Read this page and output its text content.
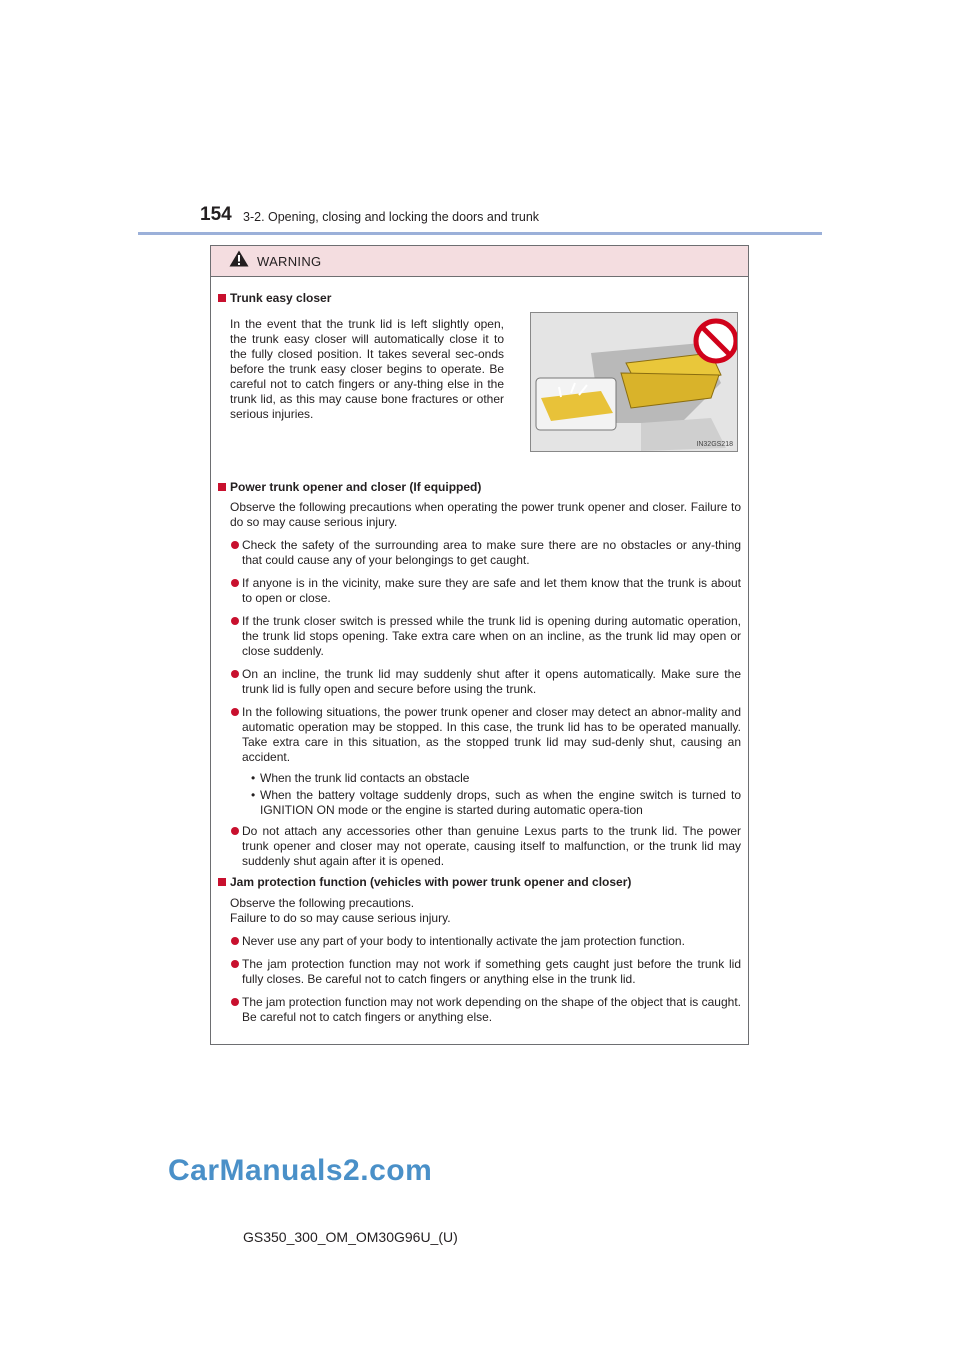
154 3-2. Opening, closing and locking the doors and trunk
WARNING
Trunk easy closer
In the event that the trunk lid is left slightly open, the trunk easy closer will automatically close it to the fully closed position. It takes several sec-onds before the trunk easy closer begins to operate. Be careful not to catch fingers or any-thing else in the trunk lid, as this may cause bone fractures or other serious injuries.
IN32GS218
Power trunk opener and closer (If equipped)
Observe the following precautions when operating the power trunk opener and closer. Failure to do so may cause serious injury.
Check the safety of the surrounding area to make sure there are no obstacles or any-thing that could cause any of your belongings to get caught.
If anyone is in the vicinity, make sure they are safe and let them know that the trunk is about to open or close.
If the trunk closer switch is pressed while the trunk lid is opening during automatic operation, the trunk lid stops opening. Take extra care when on an incline, as the trunk lid may open or close suddenly.
On an incline, the trunk lid may suddenly shut after it opens automatically. Make sure the trunk lid is fully open and secure before using the trunk.
In the following situations, the power trunk opener and closer may detect an abnor-mality and automatic operation may be stopped. In this case, the trunk lid has to be operated manually. Take extra care in this situation, as the stopped trunk lid may sud-denly shut, causing an accident.
• When the trunk lid contacts an obstacle
• When the battery voltage suddenly drops, such as when the engine switch is turned to IGNITION ON mode or the engine is started during automatic opera-tion
Do not attach any accessories other than genuine Lexus parts to the trunk lid. The power trunk opener and closer may not operate, causing itself to malfunction, or the trunk lid may suddenly shut again after it is opened.
Jam protection function (vehicles with power trunk opener and closer)
Observe the following precautions.
Failure to do so may cause serious injury.
Never use any part of your body to intentionally activate the jam protection function.
The jam protection function may not work if something gets caught just before the trunk lid fully closes. Be careful not to catch fingers or anything else in the trunk lid.
The jam protection function may not work depending on the shape of the object that is caught. Be careful not to catch fingers or anything else.
CarManuals2.com
GS350_300_OM_OM30G96U_(U)
